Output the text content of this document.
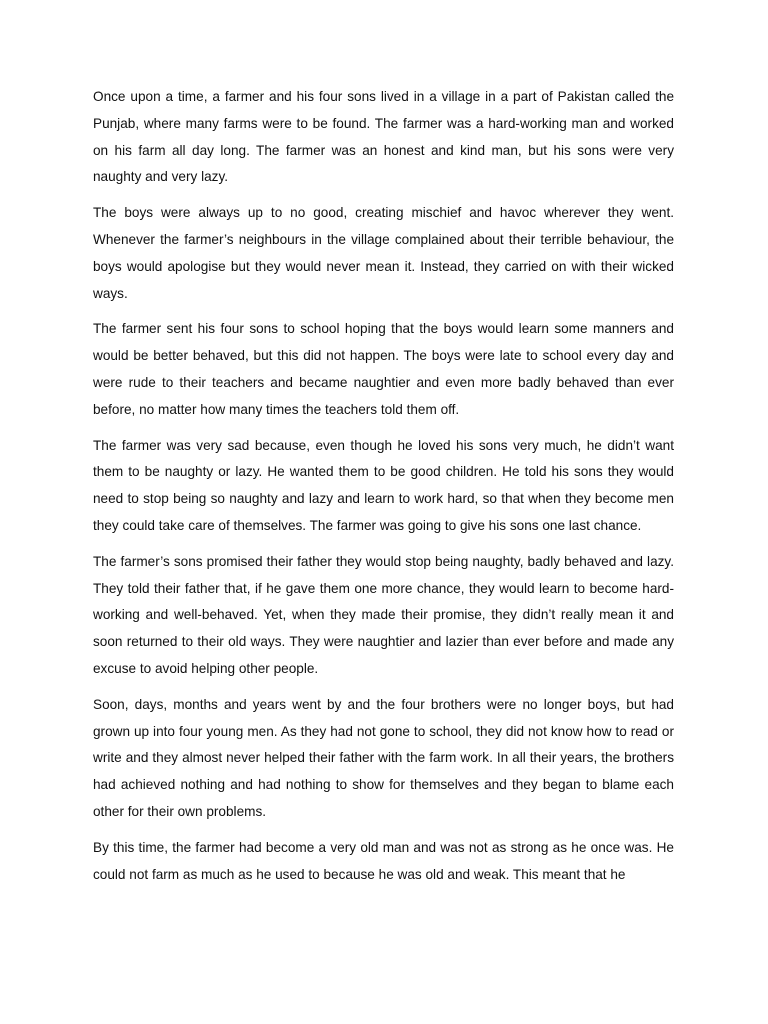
Once upon a time, a farmer and his four sons lived in a village in a part of Pakistan called the Punjab, where many farms were to be found. The farmer was a hard-working man and worked on his farm all day long. The farmer was an honest and kind man, but his sons were very naughty and very lazy.

The boys were always up to no good, creating mischief and havoc wherever they went. Whenever the farmer’s neighbours in the village complained about their terrible behaviour, the boys would apologise but they would never mean it. Instead, they carried on with their wicked ways.

The farmer sent his four sons to school hoping that the boys would learn some manners and would be better behaved, but this did not happen. The boys were late to school every day and were rude to their teachers and became naughtier and even more badly behaved than ever before, no matter how many times the teachers told them off.

The farmer was very sad because, even though he loved his sons very much, he didn’t want them to be naughty or lazy. He wanted them to be good children. He told his sons they would need to stop being so naughty and lazy and learn to work hard, so that when they become men they could take care of themselves. The farmer was going to give his sons one last chance.

The farmer’s sons promised their father they would stop being naughty, badly behaved and lazy. They told their father that, if he gave them one more chance, they would learn to become hard-working and well-behaved. Yet, when they made their promise, they didn’t really mean it and soon returned to their old ways. They were naughtier and lazier than ever before and made any excuse to avoid helping other people.

Soon, days, months and years went by and the four brothers were no longer boys, but had grown up into four young men. As they had not gone to school, they did not know how to read or write and they almost never helped their father with the farm work. In all their years, the brothers had achieved nothing and had nothing to show for themselves and they began to blame each other for their own problems.

By this time, the farmer had become a very old man and was not as strong as he once was. He could not farm as much as he used to because he was old and weak. This meant that he
